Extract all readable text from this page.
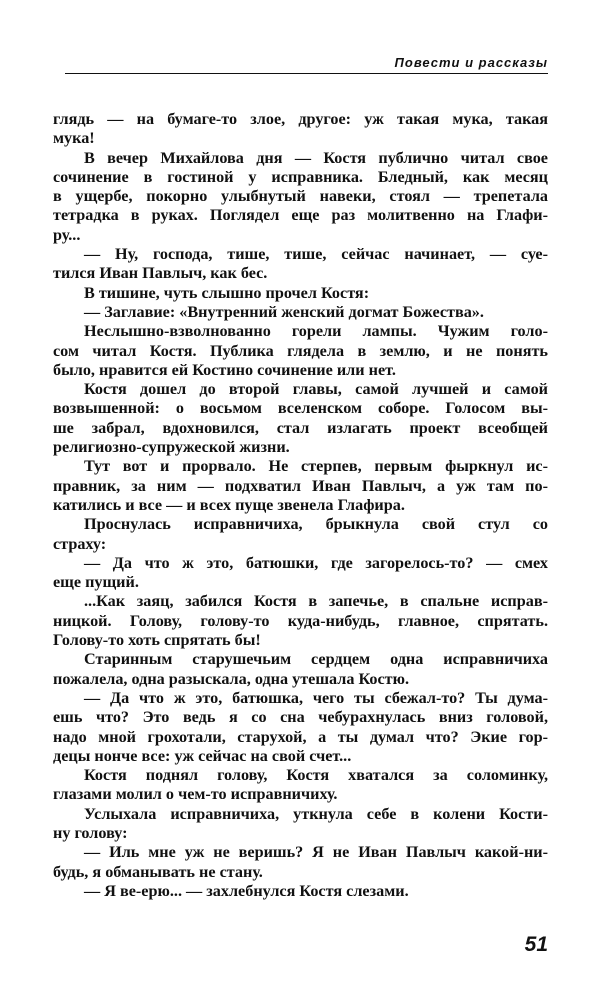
Повести и рассказы
глядь — на бумаге-то злое, другое: уж такая мука, такая
мука!
В вечер Михайлова дня — Костя публично читал свое
сочинение в гостиной у исправника. Бледный, как месяц
в ущербе, покорно улыбнутый навеки, стоял — трепетала
тетрадка в руках. Поглядел еще раз молитвенно на Глафи-
ру...
— Ну, господа, тише, тише, сейчас начинает, — суе-
тился Иван Павлыч, как бес.
В тишине, чуть слышно прочел Костя:
— Заглавие: «Внутренний женский догмат Божества».
Неслышно-взволнованно горели лампы. Чужим голо-
сом читал Костя. Публика глядела в землю, и не понять
было, нравится ей Костино сочинение или нет.
Костя дошел до второй главы, самой лучшей и самой
возвышенной: о восьмом вселенском соборе. Голосом вы-
ше забрал, вдохновился, стал излагать проект всеобщей
религиозно-супружеской жизни.
Тут вот и прорвало. Не стерпев, первым фыркнул ис-
правник, за ним — подхватил Иван Павлыч, а уж там по-
катились и все — и всех пуще звенела Глафира.
Проснулась исправничиха, брыкнула свой стул со
страху:
— Да что ж это, батюшки, где загорелось-то? — смех
еще пущий.
...Как заяц, забился Костя в запечье, в спальне исправ-
ницкой. Голову, голову-то куда-нибудь, главное, спрятать.
Голову-то хоть спрятать бы!
Старинным старушечьим сердцем одна исправничиха
пожалела, одна разыскала, одна утешала Костю.
— Да что ж это, батюшка, чего ты сбежал-то? Ты дума-
ешь что? Это ведь я со сна чебурахнулась вниз головой,
надо мной грохотали, старухой, а ты думал что? Экие гор-
децы нонче все: уж сейчас на свой счет...
Костя поднял голову, Костя хватался за соломинку,
глазами молил о чем-то исправничиху.
Услыхала исправничиха, уткнула себе в колени Кости-
ну голову:
— Иль мне уж не веришь? Я не Иван Павлыч какой-ни-
будь, я обманывать не стану.
— Я ве-ерю... — захлебнулся Костя слезами.
51
